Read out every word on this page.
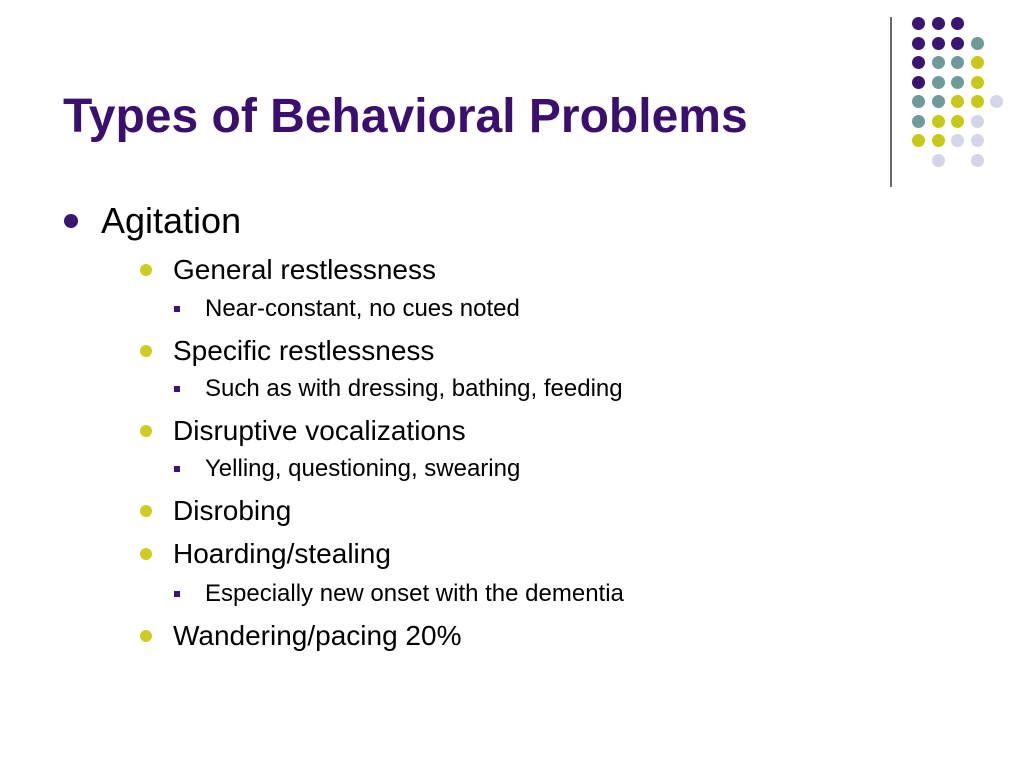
Types of Behavioral Problems
Agitation
General restlessness
Near-constant, no cues noted
Specific restlessness
Such as with dressing, bathing, feeding
Disruptive vocalizations
Yelling, questioning, swearing
Disrobing
Hoarding/stealing
Especially new onset with the dementia
Wandering/pacing 20%
